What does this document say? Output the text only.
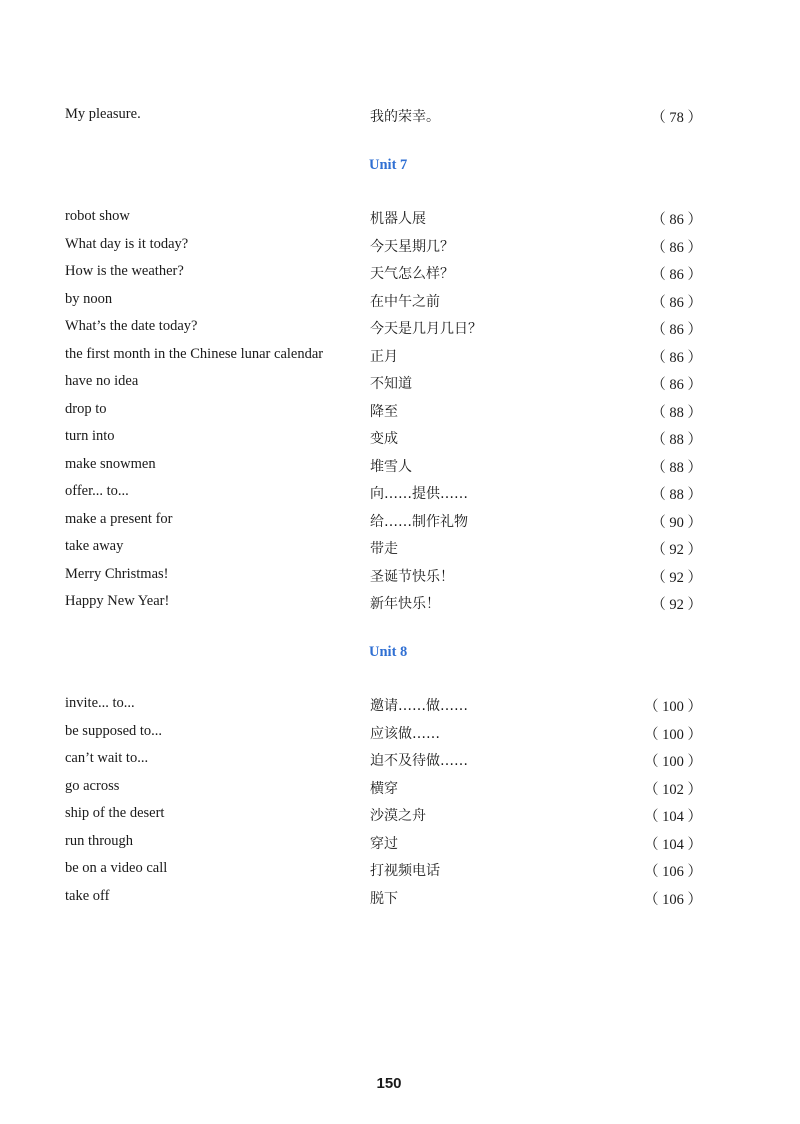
My pleasure.	我的荣幸。	（ 78 ）
Unit 7
robot show	机器人展	（ 86 ）
What day is it today?	今天星期几？	（ 86 ）
How is the weather?	天气怎么样？	（ 86 ）
by noon	在中午之前	（ 86 ）
What’s the date today?	今天是几月几日？	（ 86 ）
the first month in the Chinese lunar calendar	正月	（ 86 ）
have no idea	不知道	（ 86 ）
drop to	降至	（ 88 ）
turn into	变成	（ 88 ）
make snowmen	堆雪人	（ 88 ）
offer... to...	向……提供……	（ 88 ）
make a present for	给……制作礼物	（ 90 ）
take away	带走	（ 92 ）
Merry Christmas!	圣诞节快乐！	（ 92 ）
Happy New Year!	新年快乐！	（ 92 ）
Unit 8
invite... to...	邀请……做……	（ 100 ）
be supposed to...	应该做……	（ 100 ）
can’t wait to...	迫不及待做……	（ 100 ）
go across	横穿	（ 102 ）
ship of the desert	沙漠之舟	（ 104 ）
run through	穿过	（ 104 ）
be on a video call	打视频电话	（ 106 ）
take off	脱下	（ 106 ）
150
